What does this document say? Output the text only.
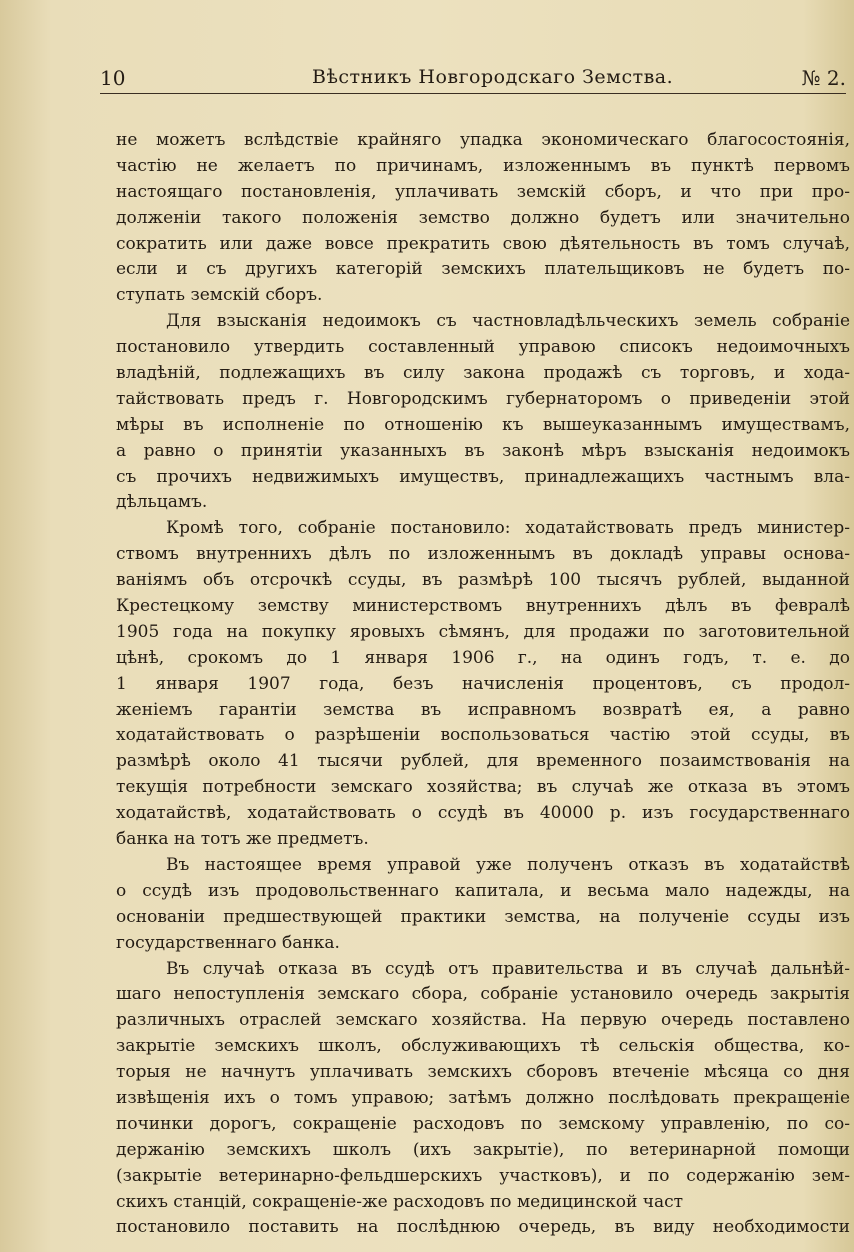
10	Вѣстникъ Новгородскаго Земства.	№ 2.
не можетъ вслѣдствіе крайняго упадка экономическаго благосостоянія,
частію не желаетъ по причинамъ, изложеннымъ въ пунктѣ первомъ
настоящаго постановленія, уплачивать земскій сборъ, и что при про-
долженіи такого положенія земство должно будетъ или значительно
сократить или даже вовсе прекратить свою дѣятельность въ томъ случаѣ,
если и съ другихъ категорій земскихъ плательщиковъ не будетъ по-
ступать земскій сборъ.
Для взысканія недоимокъ съ частновладѣльческихъ земель собраніе
постановило утвердить составленный управою списокъ недоимочныхъ
владѣній, подлежащихъ въ силу закона продажѣ съ торговъ, и хода-
тайствовать предъ г. Новгородскимъ губернаторомъ о приведеніи этой
мѣры въ исполненіе по отношенію къ вышеуказаннымъ имуществамъ,
а равно о принятіи указанныхъ въ законѣ мѣръ взысканія недоимокъ
съ прочихъ недвижимыхъ имуществъ, принадлежащихъ частнымъ вла-
дѣльцамъ.
Кромѣ того, собраніе постановило: ходатайствовать предъ министер-
ствомъ внутреннихъ дѣлъ по изложеннымъ въ докладѣ управы основа-
ваніямъ объ отсрочкѣ ссуды, въ размѣрѣ 100 тысячъ рублей, выданной
Крестецкому земству министерствомъ внутреннихъ дѣлъ въ февралѣ
1905 года на покупку яровыхъ сѣмянъ, для продажи по заготовительной
цѣнѣ, срокомъ до 1 января 1906 г., на одинъ годъ, т. е. до
1 января 1907 года, безъ начисленія процентовъ, съ продол-
женіемъ гарантіи земства въ исправномъ возвратѣ ея, а равно
ходатайствовать о разрѣшеніи воспользоваться частію этой ссуды, въ
размѣрѣ около 41 тысячи рублей, для временного позаимствованія на
текущія потребности земскаго хозяйства; въ случаѣ же отказа въ этомъ
ходатайствѣ, ходатайствовать о ссудѣ въ 40000 р. изъ государственнаго
банка на тотъ же предметъ.
Въ настоящее время управой уже полученъ отказъ въ ходатайствѣ
о ссудѣ изъ продовольственнаго капитала, и весьма мало надежды, на
основаніи предшествующей практики земства, на полученіе ссуды изъ
государственнаго банка.
Въ случаѣ отказа въ ссудѣ отъ правительства и въ случаѣ дальнѣй-
шаго непоступленія земскаго сбора, собраніе установило очередь закрытія
различныхъ отраслей земскаго хозяйства. На первую очередь поставлено
закрытіе земскихъ школъ, обслуживающихъ тѣ сельскія общества, ко-
торыя не начнутъ уплачивать земскихъ сборовъ втеченіе мѣсяца со дня
извѣщенія ихъ о томъ управою; затѣмъ должно послѣдовать прекращеніе
починки дорогъ, сокращеніе расходовъ по земскому управленію, по со-
держанію земскихъ школъ (ихъ закрытіе), по ветеринарной помощи
(закрытіе ветеринарно-фельдшерскихъ участковъ), и по содержанію зем-
скихъ станцій, сокращеніе-же расходовъ по медицинской част
постановило поставить на послѣднюю очередь, въ виду необходимости
